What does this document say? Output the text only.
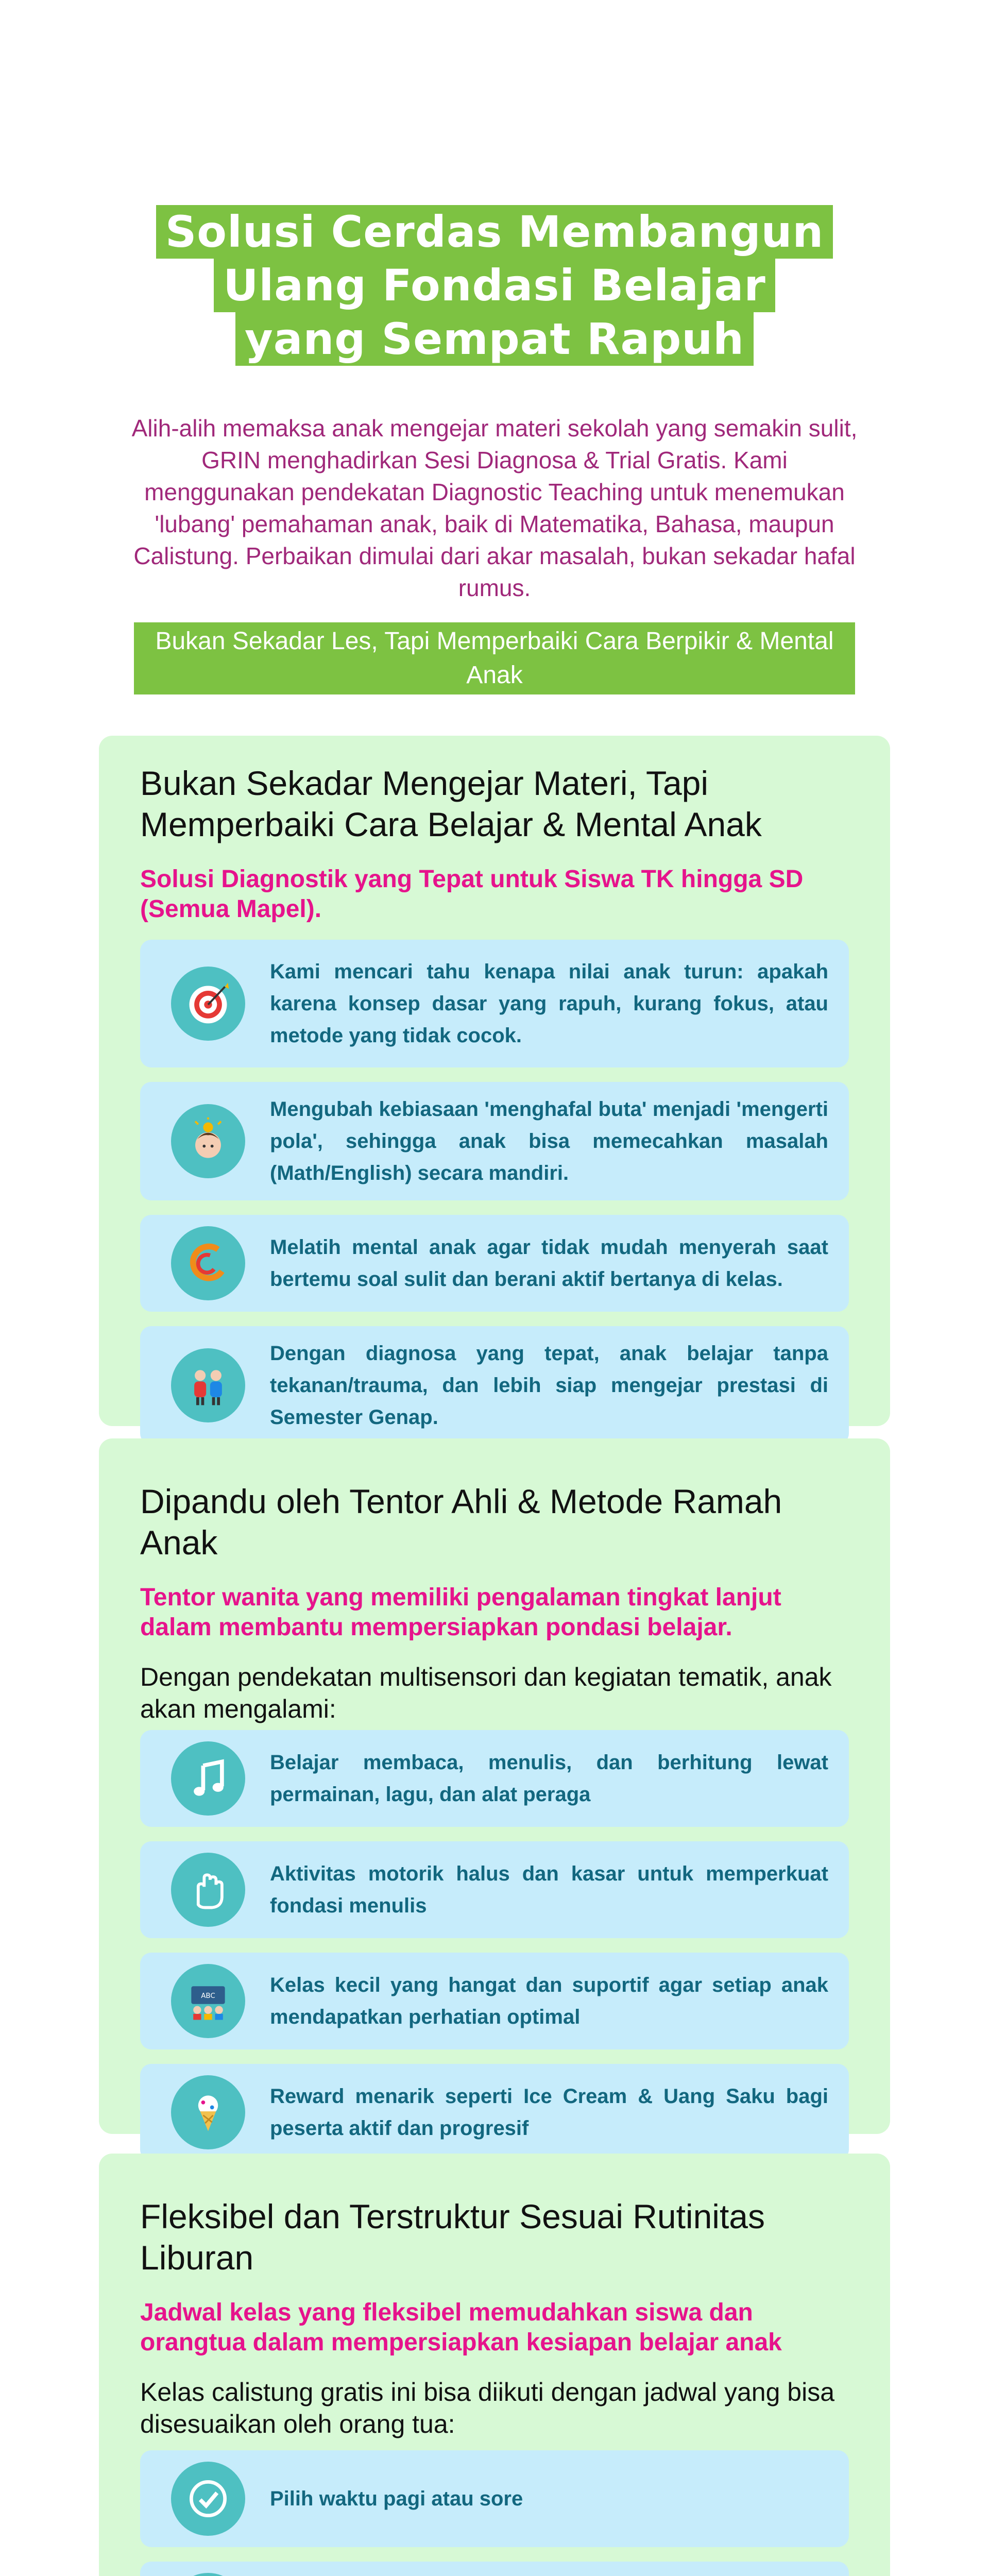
Solusi Cerdas Membangun
Ulang Fondasi Belajar
yang Sempat Rapuh

Alih-alih memaksa anak mengejar materi sekolah yang semakin sulit, GRIN menghadirkan Sesi Diagnosa & Trial Gratis. Kami menggunakan pendekatan Diagnostic Teaching untuk menemukan 'lubang' pemahaman anak, baik di Matematika, Bahasa, maupun Calistung. Perbaikan dimulai dari akar masalah, bukan sekadar hafal rumus.

Bukan Sekadar Les, Tapi Memperbaiki Cara Berpikir & Mental Anak
Bukan Sekadar Mengejar Materi, Tapi Memperbaiki Cara Belajar & Mental Anak

Solusi Diagnostik yang Tepat untuk Siswa TK hingga SD (Semua Mapel).

Kami mencari tahu kenapa nilai anak turun: apakah karena konsep dasar yang rapuh, kurang fokus, atau metode yang tidak cocok.
Mengubah kebiasaan 'menghafal buta' menjadi 'mengerti pola', sehingga anak bisa memecahkan masalah (Math/English) secara mandiri.
Melatih mental anak agar tidak mudah menyerah saat bertemu soal sulit dan berani aktif bertanya di kelas.
Dengan diagnosa yang tepat, anak belajar tanpa tekanan/trauma, dan lebih siap mengejar prestasi di Semester Genap.
Dipandu oleh Tentor Ahli & Metode Ramah Anak

Tentor wanita yang memiliki pengalaman tingkat lanjut dalam membantu mempersiapkan pondasi belajar.

Dengan pendekatan multisensori dan kegiatan tematik, anak akan mengalami:

Belajar membaca, menulis, dan berhitung lewat permainan, lagu, dan alat peraga
Aktivitas motorik halus dan kasar untuk memperkuat fondasi menulis
ABC	Kelas kecil yang hangat dan suportif agar setiap anak mendapatkan perhatian optimal
Reward menarik seperti Ice Cream & Uang Saku bagi peserta aktif dan progresif
Fleksibel dan Terstruktur Sesuai Rutinitas Liburan

Jadwal kelas yang fleksibel memudahkan siswa dan orangtua dalam mempersiapkan kesiapan belajar anak

Kelas calistung gratis ini bisa diikuti dengan jadwal yang bisa disesuaikan oleh orang tua:

Pilih waktu pagi atau sore
